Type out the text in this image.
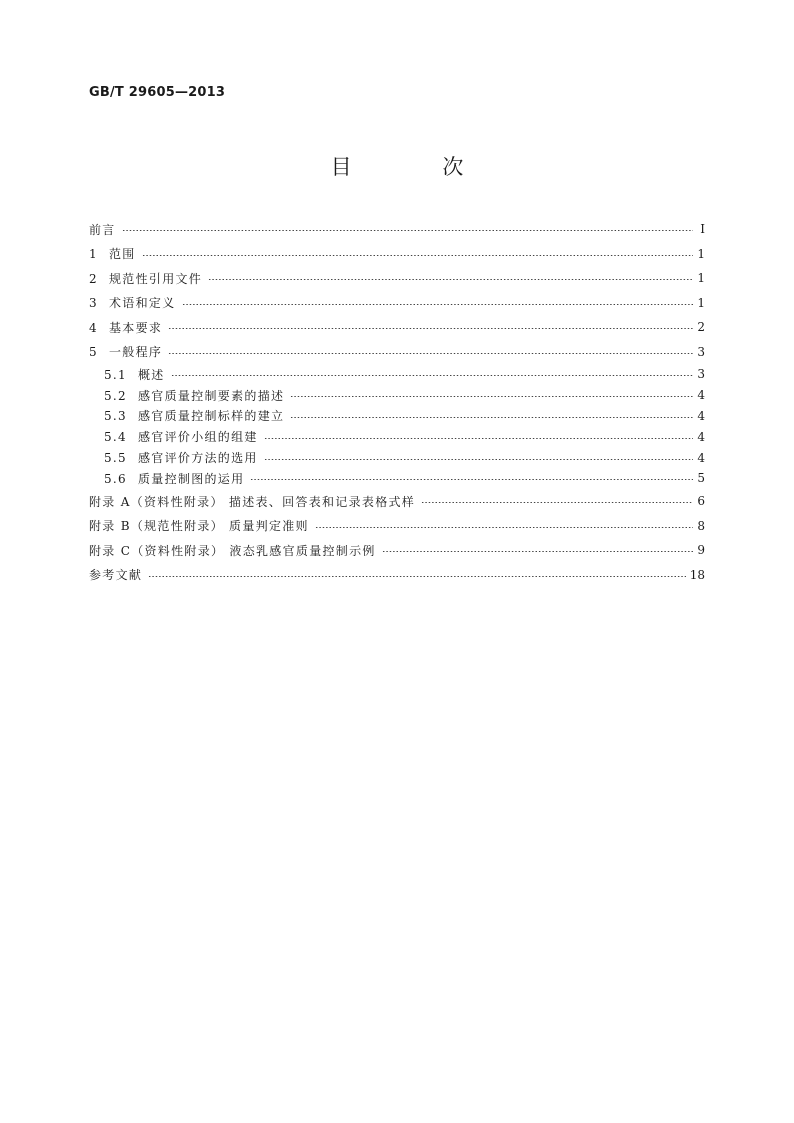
GB/T 29605—2013
目 次
前言	Ⅰ
1 范围	1
2 规范性引用文件	1
3 术语和定义	1
4 基本要求	2
5 一般程序	3
5.1 概述	3
5.2 感官质量控制要素的描述	4
5.3 感官质量控制标样的建立	4
5.4 感官评价小组的组建	4
5.5 感官评价方法的选用	4
5.6 质量控制图的运用	5
附录 A（资料性附录） 描述表、回答表和记录表格式样	6
附录 B（规范性附录） 质量判定准则	8
附录 C（资料性附录） 液态乳感官质量控制示例	9
参考文献	18
